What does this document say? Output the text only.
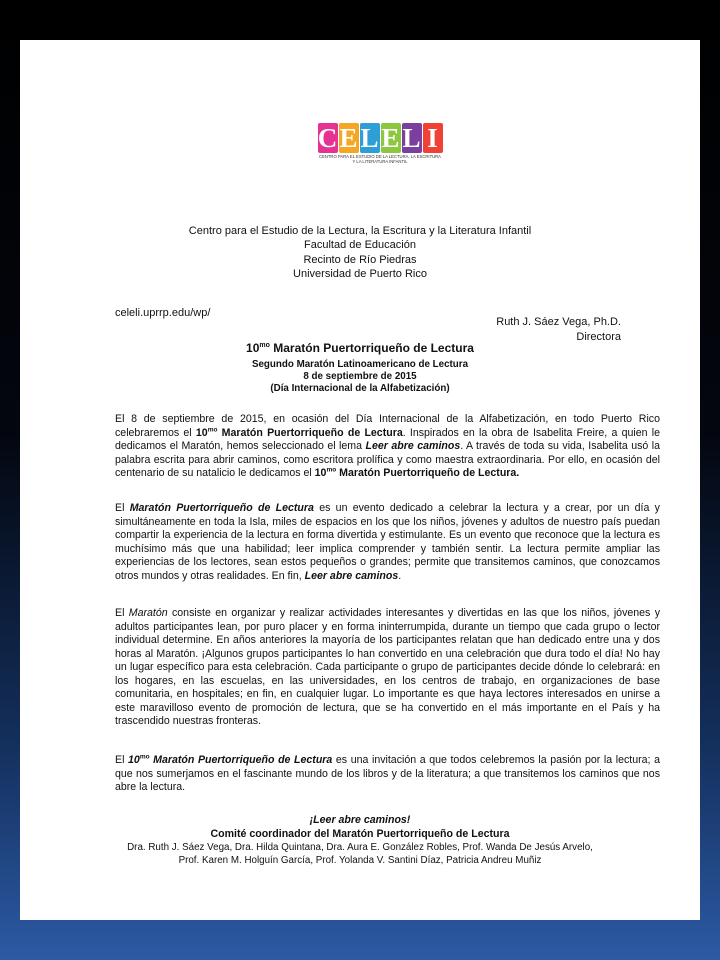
C E L E L I
CENTRO PARA EL ESTUDIO DE LA LECTURA, LA ESCRITURA
Y LA LITERATURA INFANTIL
Centro para el Estudio de la Lectura, la Escritura y la Literatura Infantil
Facultad de Educación
Recinto de Río Piedras
Universidad de Puerto Rico
celeli.uprrp.edu/wp/
Ruth J. Sáez Vega, Ph.D.
Directora
$10^{mo}$ Maratón Puertorriqueño de Lectura
Segundo Maratón Latinoamericano de Lectura
8 de septiembre de 2015
(Día Internacional de la Alfabetización)

El 8 de septiembre de 2015, en ocasión del Día Internacional de la Alfabetización, en todo Puerto Rico celebraremos el $10^{mo}$ Maratón Puertorriqueño de Lectura. Inspirados en la obra de Isabelita Freire, a quien le dedicamos el Maratón, hemos seleccionado el lema Leer abre caminos. A través de toda su vida, Isabelita usó la palabra escrita para abrir caminos, como escritora prolífica y como maestra extraordinaria. Por ello, en ocasión del centenario de su natalicio le dedicamos el $10^{mo}$ Maratón Puertorriqueño de Lectura.

El Maratón Puertorriqueño de Lectura es un evento dedicado a celebrar la lectura y a crear, por un día y simultáneamente en toda la Isla, miles de espacios en los que los niños, jóvenes y adultos de nuestro país puedan compartir la experiencia de la lectura en forma divertida y estimulante. Es un evento que reconoce que la lectura es muchísimo más que una habilidad; leer implica comprender y también sentir. La lectura permite ampliar las experiencias de los lectores, sean estos pequeños o grandes; permite que transitemos caminos, que conozcamos otros mundos y otras realidades. En fin, Leer abre caminos.

El Maratón consiste en organizar y realizar actividades interesantes y divertidas en las que los niños, jóvenes y adultos participantes lean, por puro placer y en forma ininterrumpida, durante un tiempo que cada grupo o lector individual determine. En años anteriores la mayoría de los participantes relatan que han dedicado entre una y dos horas al Maratón. ¡Algunos grupos participantes lo han convertido en una celebración que dura todo el día! No hay un lugar específico para esta celebración. Cada participante o grupo de participantes decide dónde lo celebrará: en los hogares, en las escuelas, en las universidades, en los centros de trabajo, en organizaciones de base comunitaria, en hospitales; en fin, en cualquier lugar. Lo importante es que haya lectores interesados en unirse a este maravilloso evento de promoción de lectura, que se ha convertido en el más importante en el País y ha trascendido nuestras fronteras.

El $10^{mo}$ Maratón Puertorriqueño de Lectura es una invitación a que todos celebremos la pasión por la lectura; a que nos sumerjamos en el fascinante mundo de los libros y de la literatura; a que transitemos los caminos que nos abre la lectura.

¡Leer abre caminos!
Comité coordinador del Maratón Puertorriqueño de Lectura
Dra. Ruth J. Sáez Vega, Dra. Hilda Quintana, Dra. Aura E. González Robles, Prof. Wanda De Jesús Arvelo,
Prof. Karen M. Holguín García, Prof. Yolanda V. Santini Díaz, Patricia Andreu Muñiz
